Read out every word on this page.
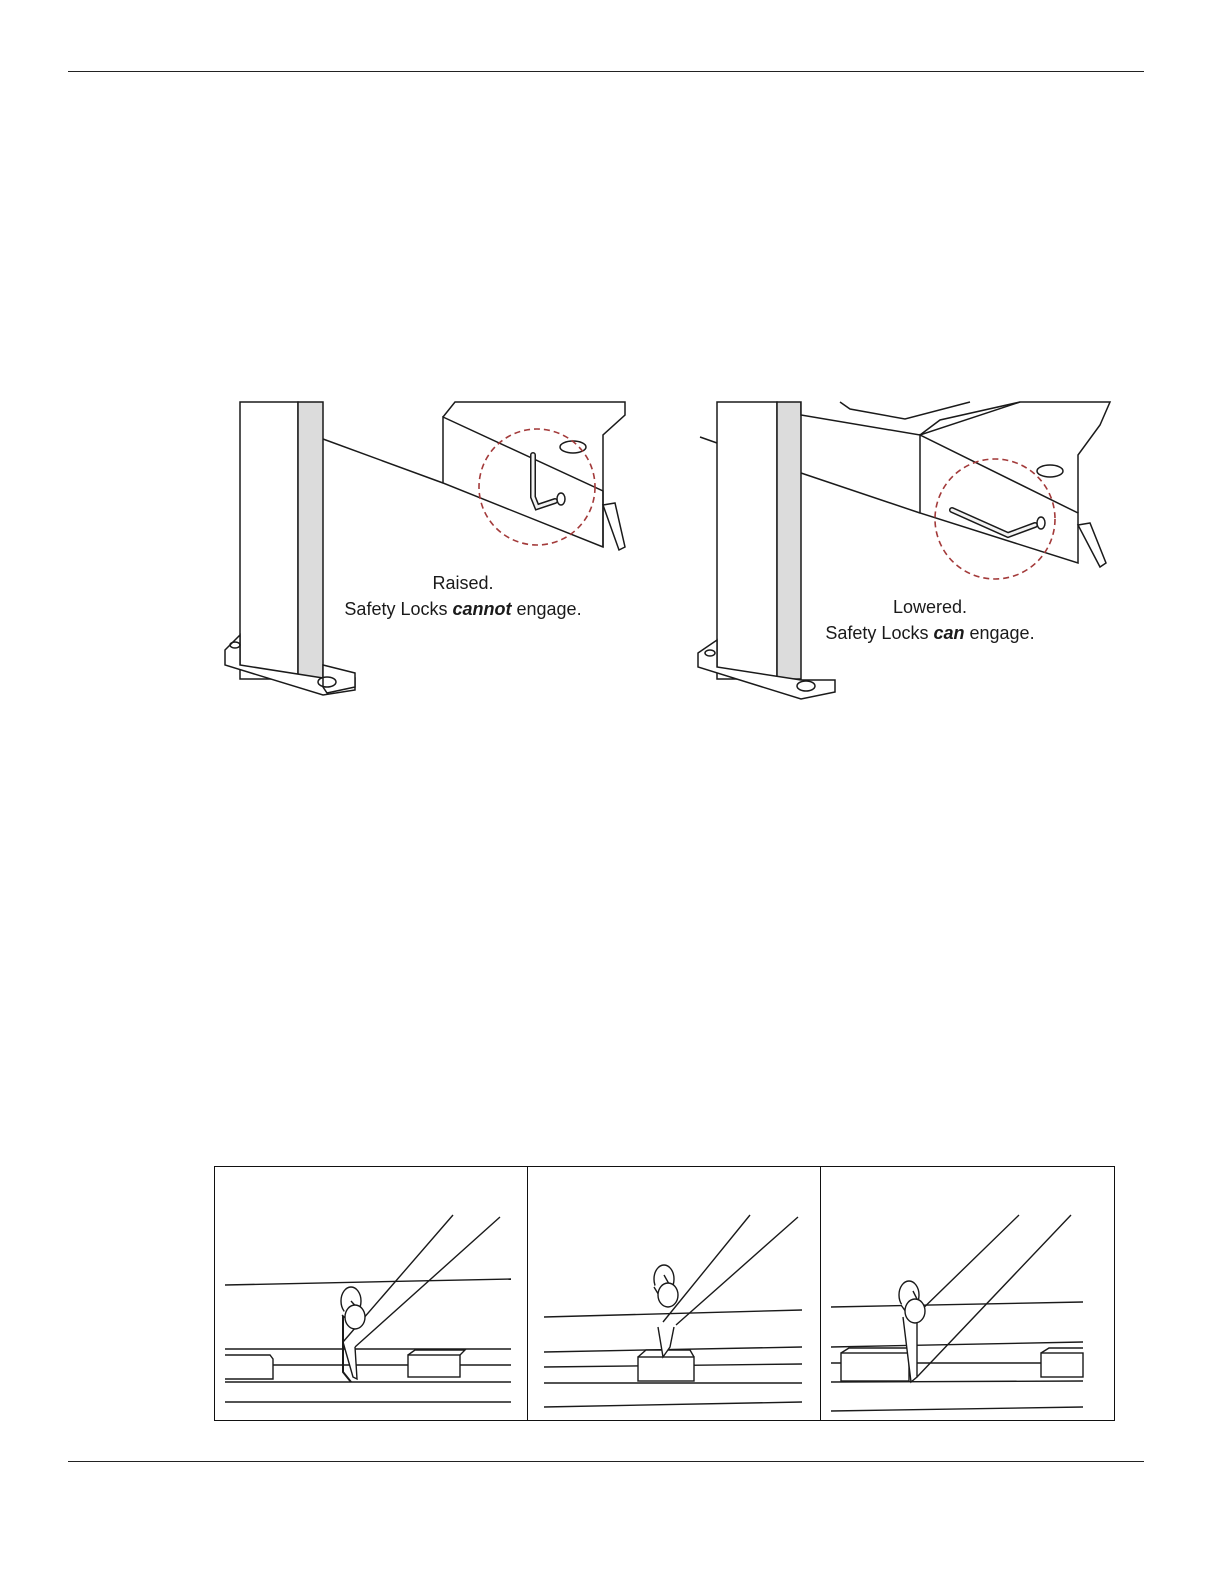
Raised.
Safety Locks cannot engage.	Lowered.
Safety Locks can engage.
